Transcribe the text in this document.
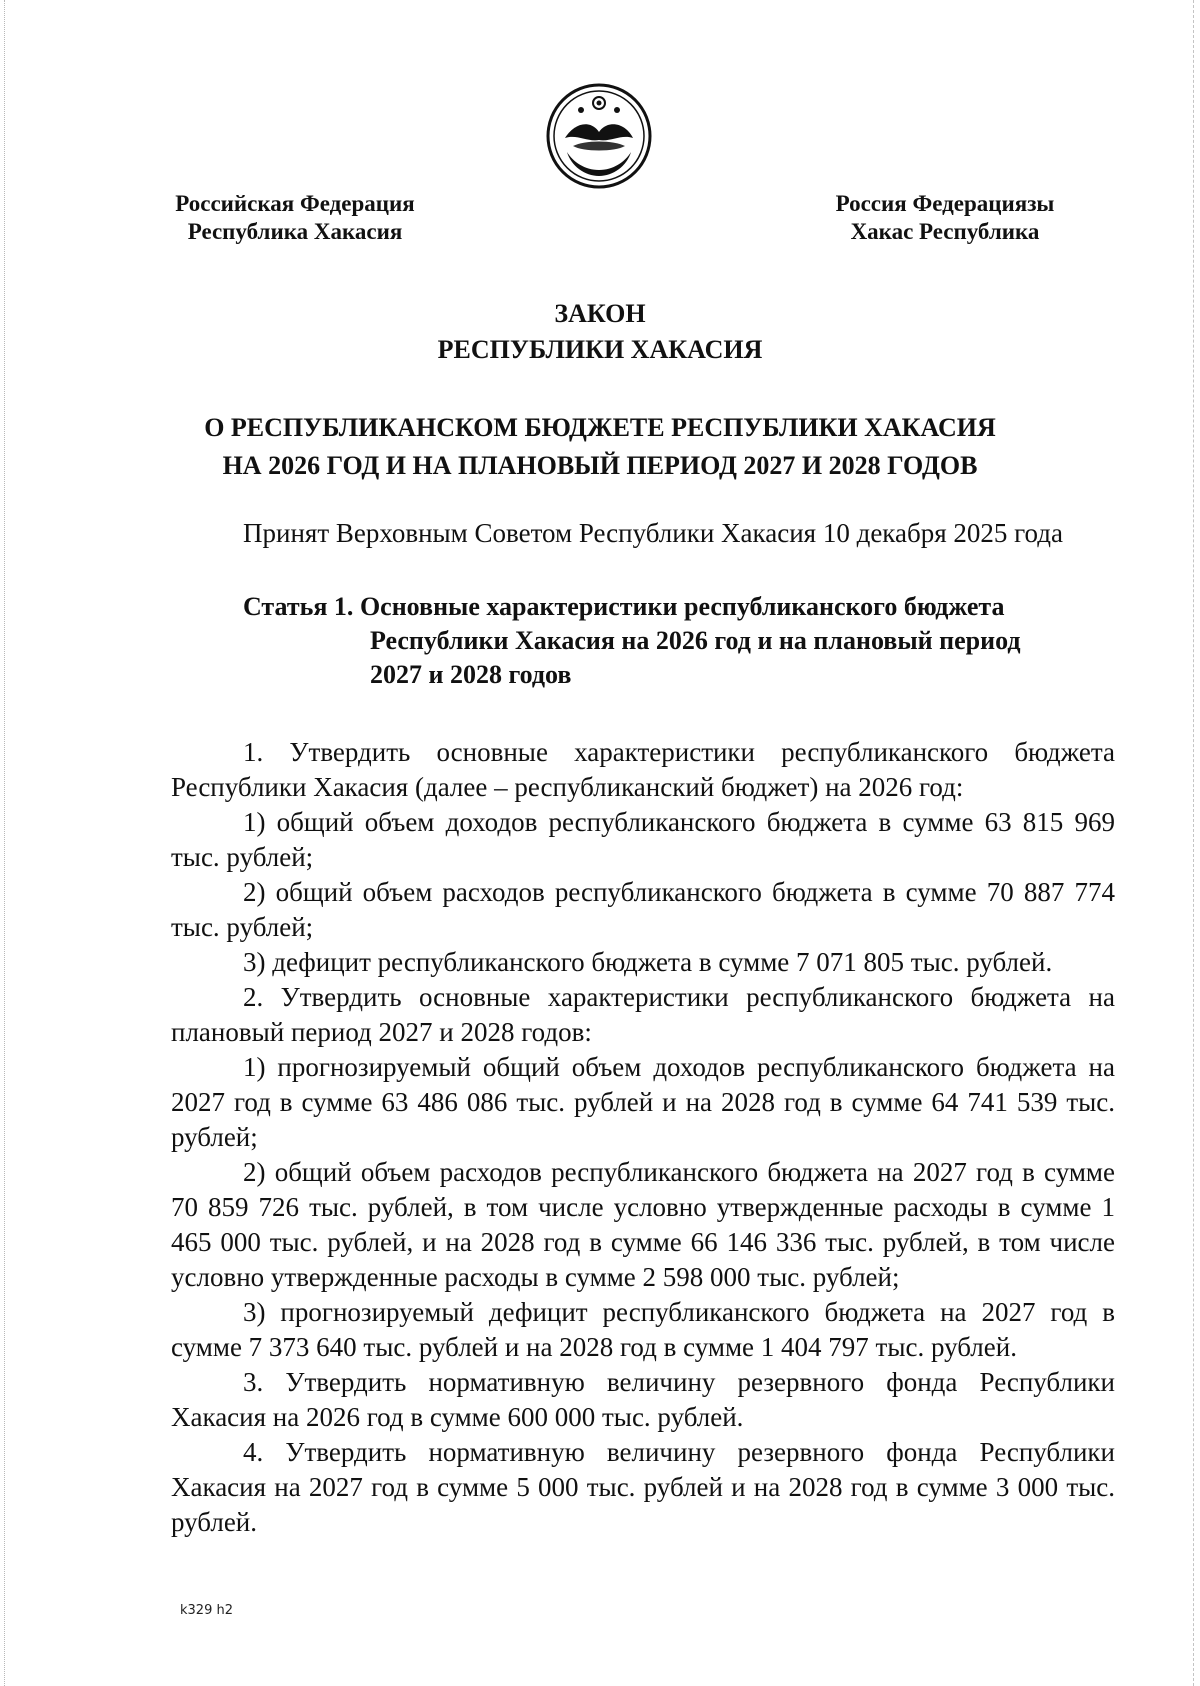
Российская Федерация
Республика Хакасия
Россия Федерациязы
Хакас Республика
ЗАКОН
РЕСПУБЛИКИ ХАКАСИЯ
О РЕСПУБЛИКАНСКОМ БЮДЖЕТЕ РЕСПУБЛИКИ ХАКАСИЯ
НА 2026 ГОД И НА ПЛАНОВЫЙ ПЕРИОД 2027 И 2028 ГОДОВ
Принят Верховным Советом Республики Хакасия 10 декабря 2025 года
Статья 1. Основные характеристики республиканского бюджета
Республики Хакасия на 2026 год и на плановый период
2027 и 2028 годов

1. Утвердить основные характеристики республиканского бюджета Республики Хакасия (далее – республиканский бюджет) на 2026 год:

1) общий объем доходов республиканского бюджета в сумме 63 815 969 тыс. рублей;

2) общий объем расходов республиканского бюджета в сумме 70 887 774 тыс. рублей;

3) дефицит республиканского бюджета в сумме 7 071 805 тыс. рублей.

2. Утвердить основные характеристики республиканского бюджета на плановый период 2027 и 2028 годов:

1) прогнозируемый общий объем доходов республиканского бюджета на 2027 год в сумме 63 486 086 тыс. рублей и на 2028 год в сумме 64 741 539 тыс. рублей;

2) общий объем расходов республиканского бюджета на 2027 год в сумме 70 859 726 тыс. рублей, в том числе условно утвержденные расходы в сумме 1 465 000 тыс. рублей, и на 2028 год в сумме 66 146 336 тыс. рублей, в том числе условно утвержденные расходы в сумме 2 598 000 тыс. рублей;

3) прогнозируемый дефицит республиканского бюджета на 2027 год в сумме 7 373 640 тыс. рублей и на 2028 год в сумме 1 404 797 тыс. рублей.

3. Утвердить нормативную величину резервного фонда Республики Хакасия на 2026 год в сумме 600 000 тыс. рублей.

4. Утвердить нормативную величину резервного фонда Республики Хакасия на 2027 год в сумме 5 000 тыс. рублей и на 2028 год в сумме 3 000 тыс. рублей.

k329 h2
